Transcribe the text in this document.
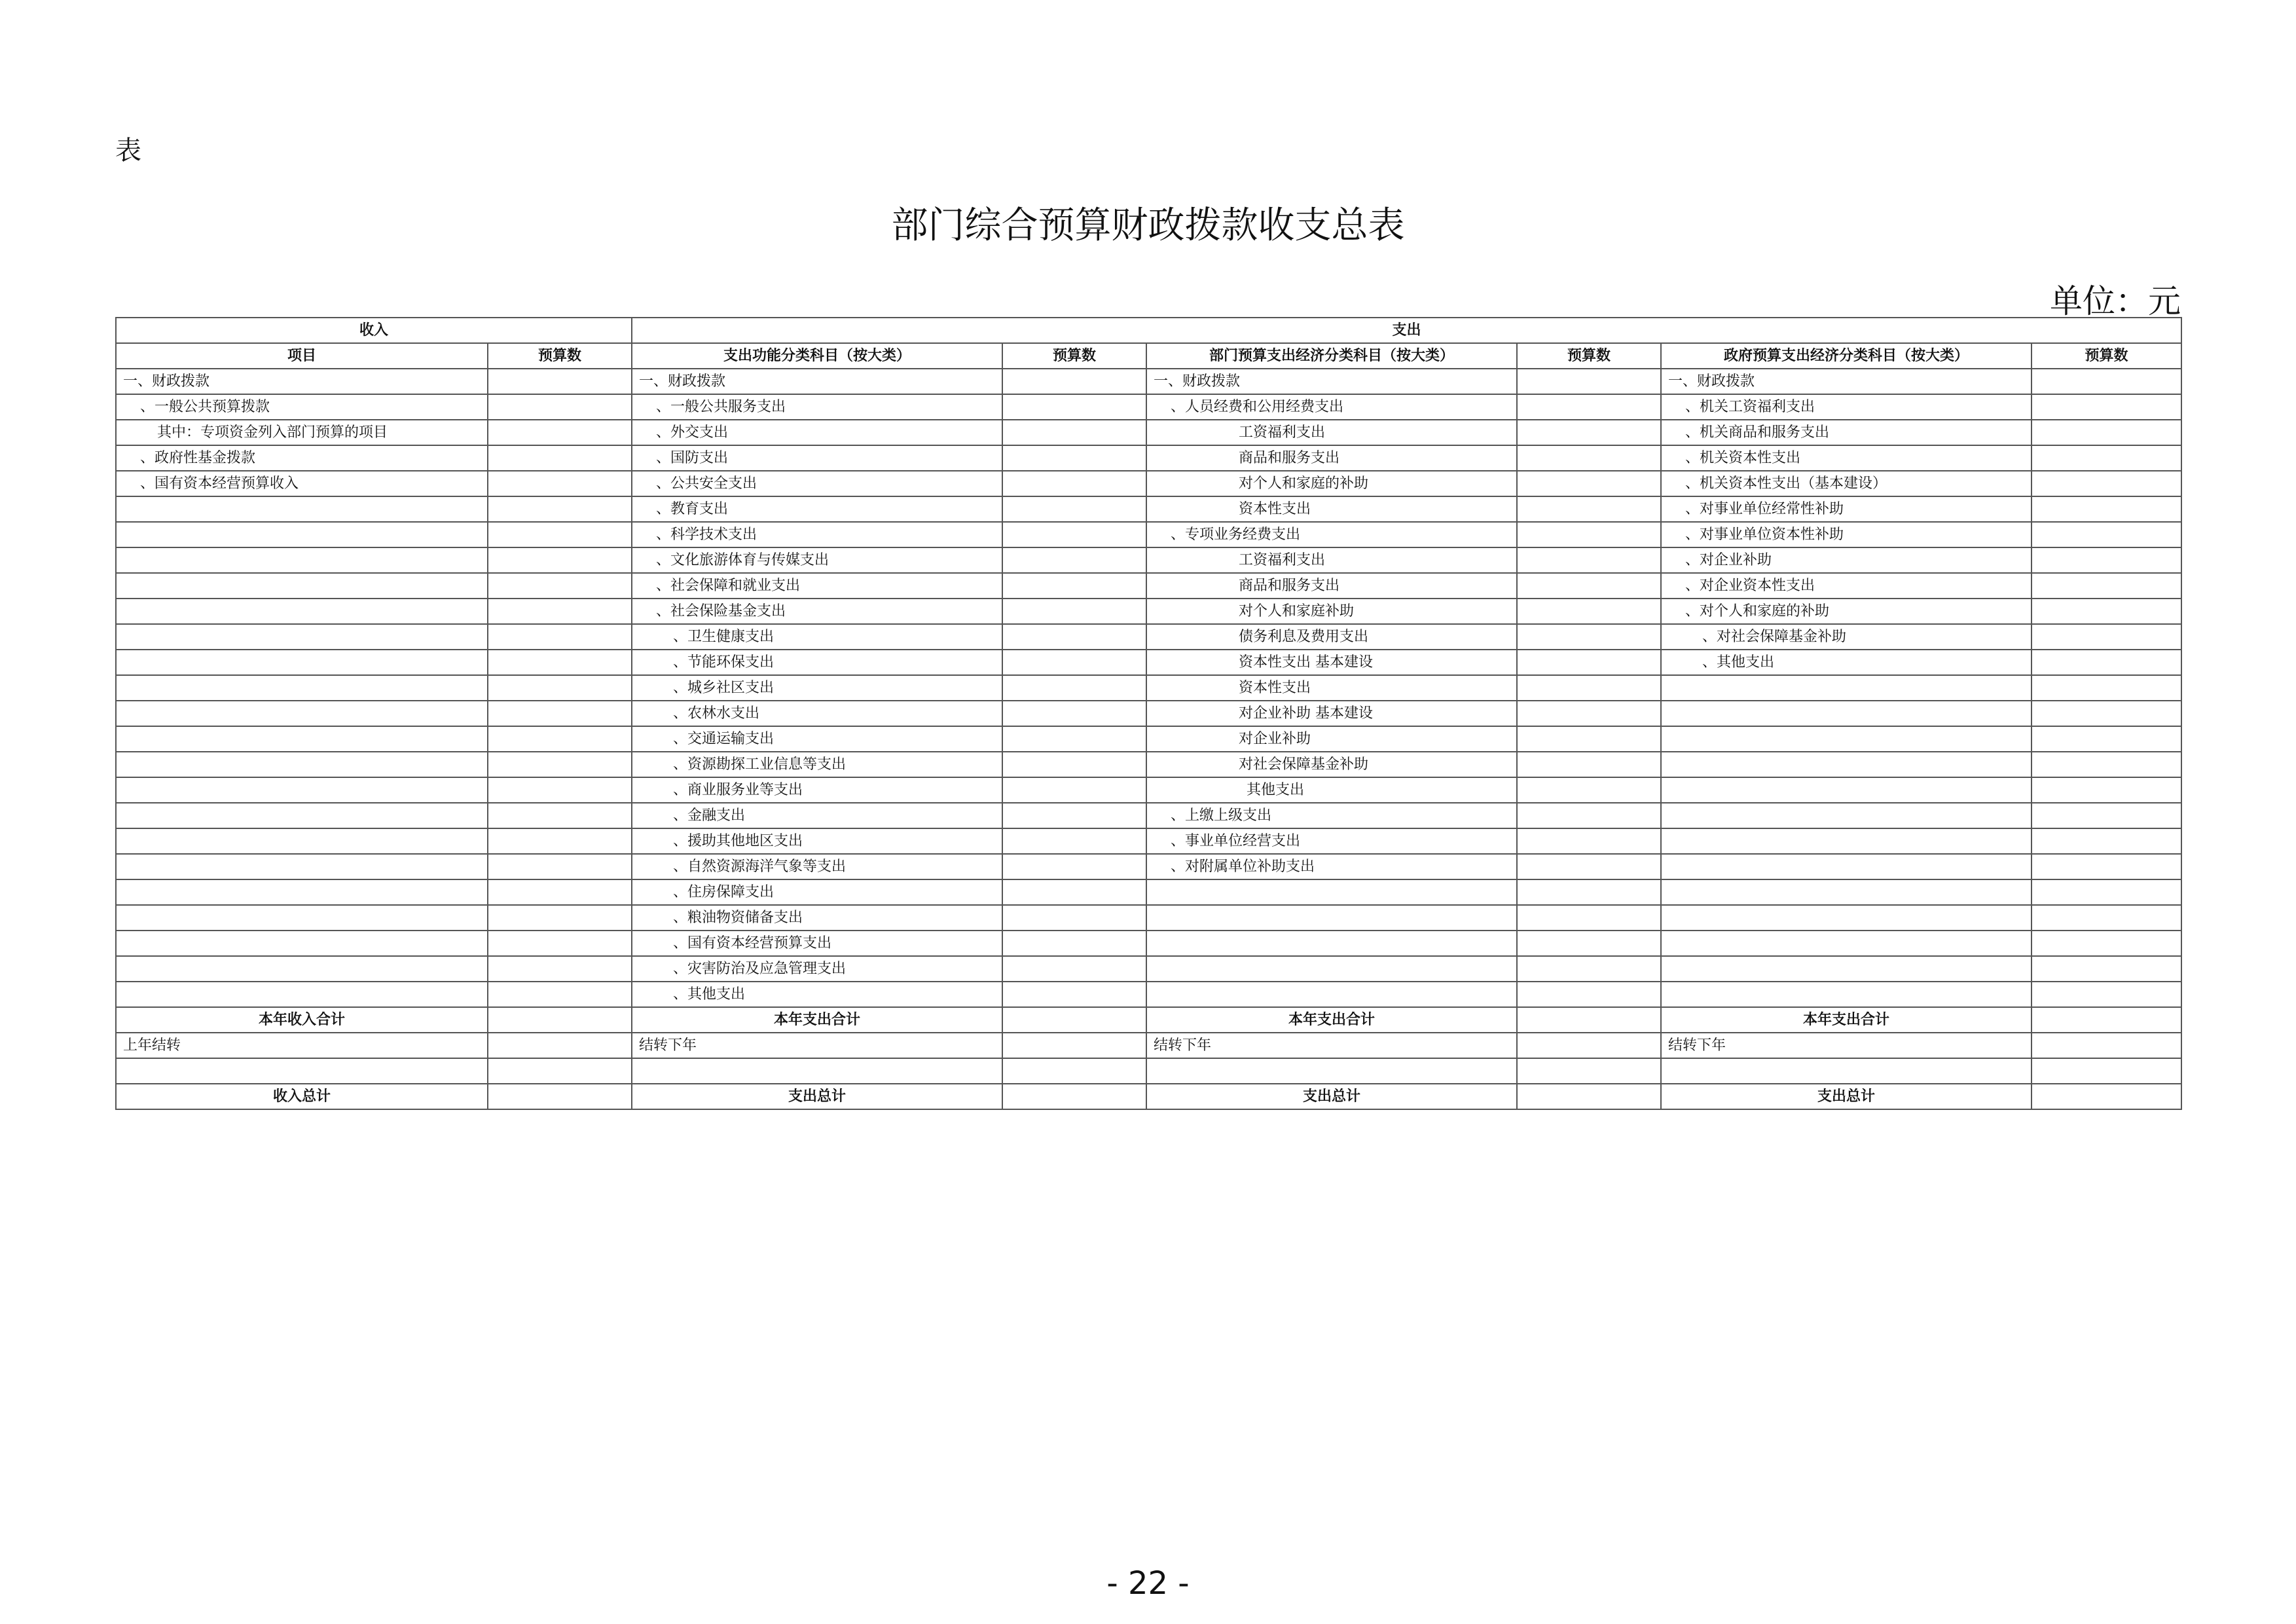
表
部门综合预算财政拨款收支总表
单位：元
收入		支出					
项目	预算数	支出功能分类科目（按大类）	预算数	部门预算支出经济分类科目（按大类）	预算数	政府预算支出经济分类科目（按大类）	预算数
一、财政拨款		一、财政拨款		一、财政拨款		一、财政拨款	
、一般公共预算拨款		、一般公共服务支出		、人员经费和公用经费支出		、机关工资福利支出	
其中：专项资金列入部门预算的项目		、外交支出		工资福利支出		、机关商品和服务支出	
、政府性基金拨款		、国防支出		商品和服务支出		、机关资本性支出	
、国有资本经营预算收入		、公共安全支出		对个人和家庭的补助		、机关资本性支出（基本建设）	
		、教育支出		资本性支出		、对事业单位经常性补助	
		、科学技术支出		、专项业务经费支出		、对事业单位资本性补助	
		、文化旅游体育与传媒支出		工资福利支出		、对企业补助	
		、社会保障和就业支出		商品和服务支出		、对企业资本性支出	
		、社会保险基金支出		对个人和家庭补助		、对个人和家庭的补助	
		、卫生健康支出		债务利息及费用支出		、对社会保障基金补助	
		、节能环保支出		资本性支出 基本建设		、其他支出	
		、城乡社区支出		资本性支出			
		、农林水支出		对企业补助 基本建设			
		、交通运输支出		对企业补助			
		、资源勘探工业信息等支出		对社会保障基金补助			
		、商业服务业等支出		其他支出			
		、金融支出		、上缴上级支出			
		、援助其他地区支出		、事业单位经营支出			
		、自然资源海洋气象等支出		、对附属单位补助支出			
		、住房保障支出					
		、粮油物资储备支出					
		、国有资本经营预算支出					
		、灾害防治及应急管理支出					
		、其他支出					
本年收入合计		本年支出合计		本年支出合计		本年支出合计	
上年结转		结转下年		结转下年		结转下年	

收入总计		支出总计		支出总计		支出总计	
- 22 -
